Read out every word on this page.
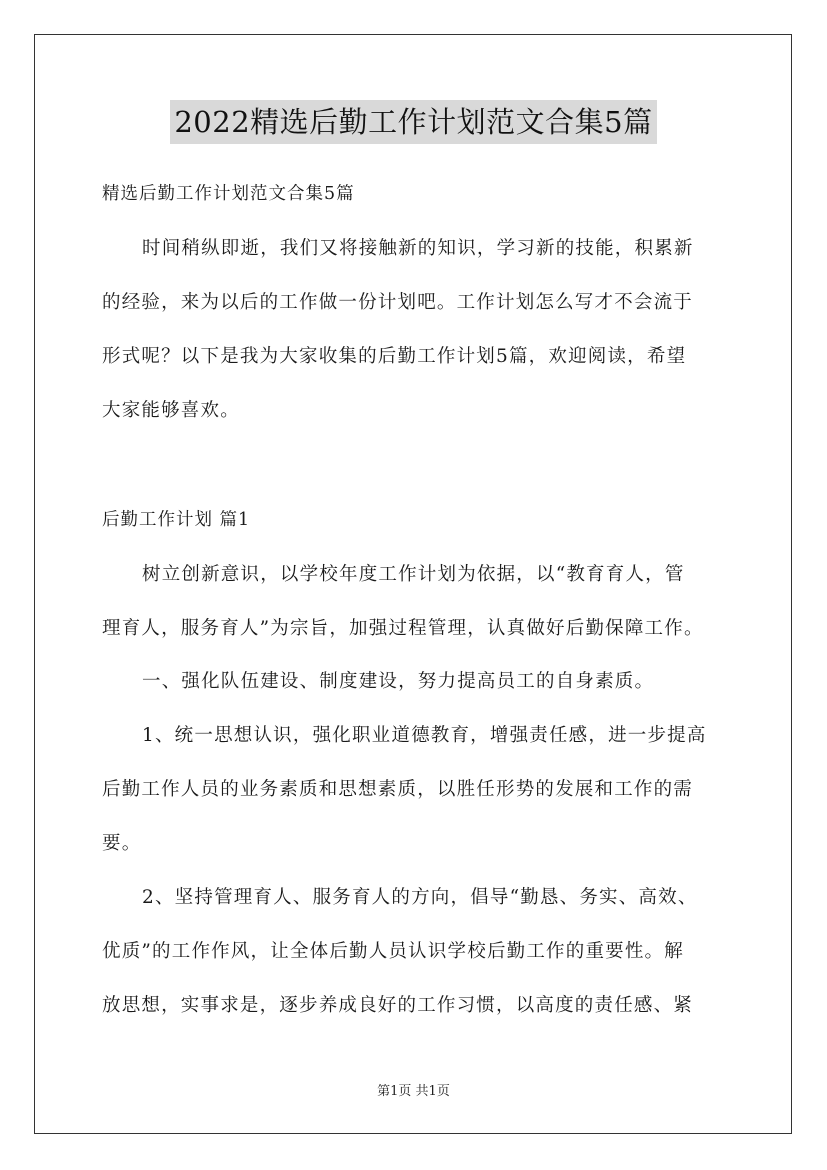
2022精选后勤工作计划范文合集5篇
精选后勤工作计划范文合集5篇
时间稍纵即逝，我们又将接触新的知识，学习新的技能，积累新
的经验，来为以后的工作做一份计划吧。工作计划怎么写才不会流于
形式呢？以下是我为大家收集的后勤工作计划5篇，欢迎阅读，希望
大家能够喜欢。
后勤工作计划 篇1
树立创新意识，以学校年度工作计划为依据，以“教育育人，管
理育人，服务育人”为宗旨，加强过程管理，认真做好后勤保障工作。
一、强化队伍建设、制度建设，努力提高员工的自身素质。
1、统一思想认识，强化职业道德教育，增强责任感，进一步提高
后勤工作人员的业务素质和思想素质，以胜任形势的发展和工作的需
要。
2、坚持管理育人、服务育人的方向，倡导“勤恳、务实、高效、
优质”的工作作风，让全体后勤人员认识学校后勤工作的重要性。解
放思想，实事求是，逐步养成良好的工作习惯，以高度的责任感、紧
第1页 共1页
